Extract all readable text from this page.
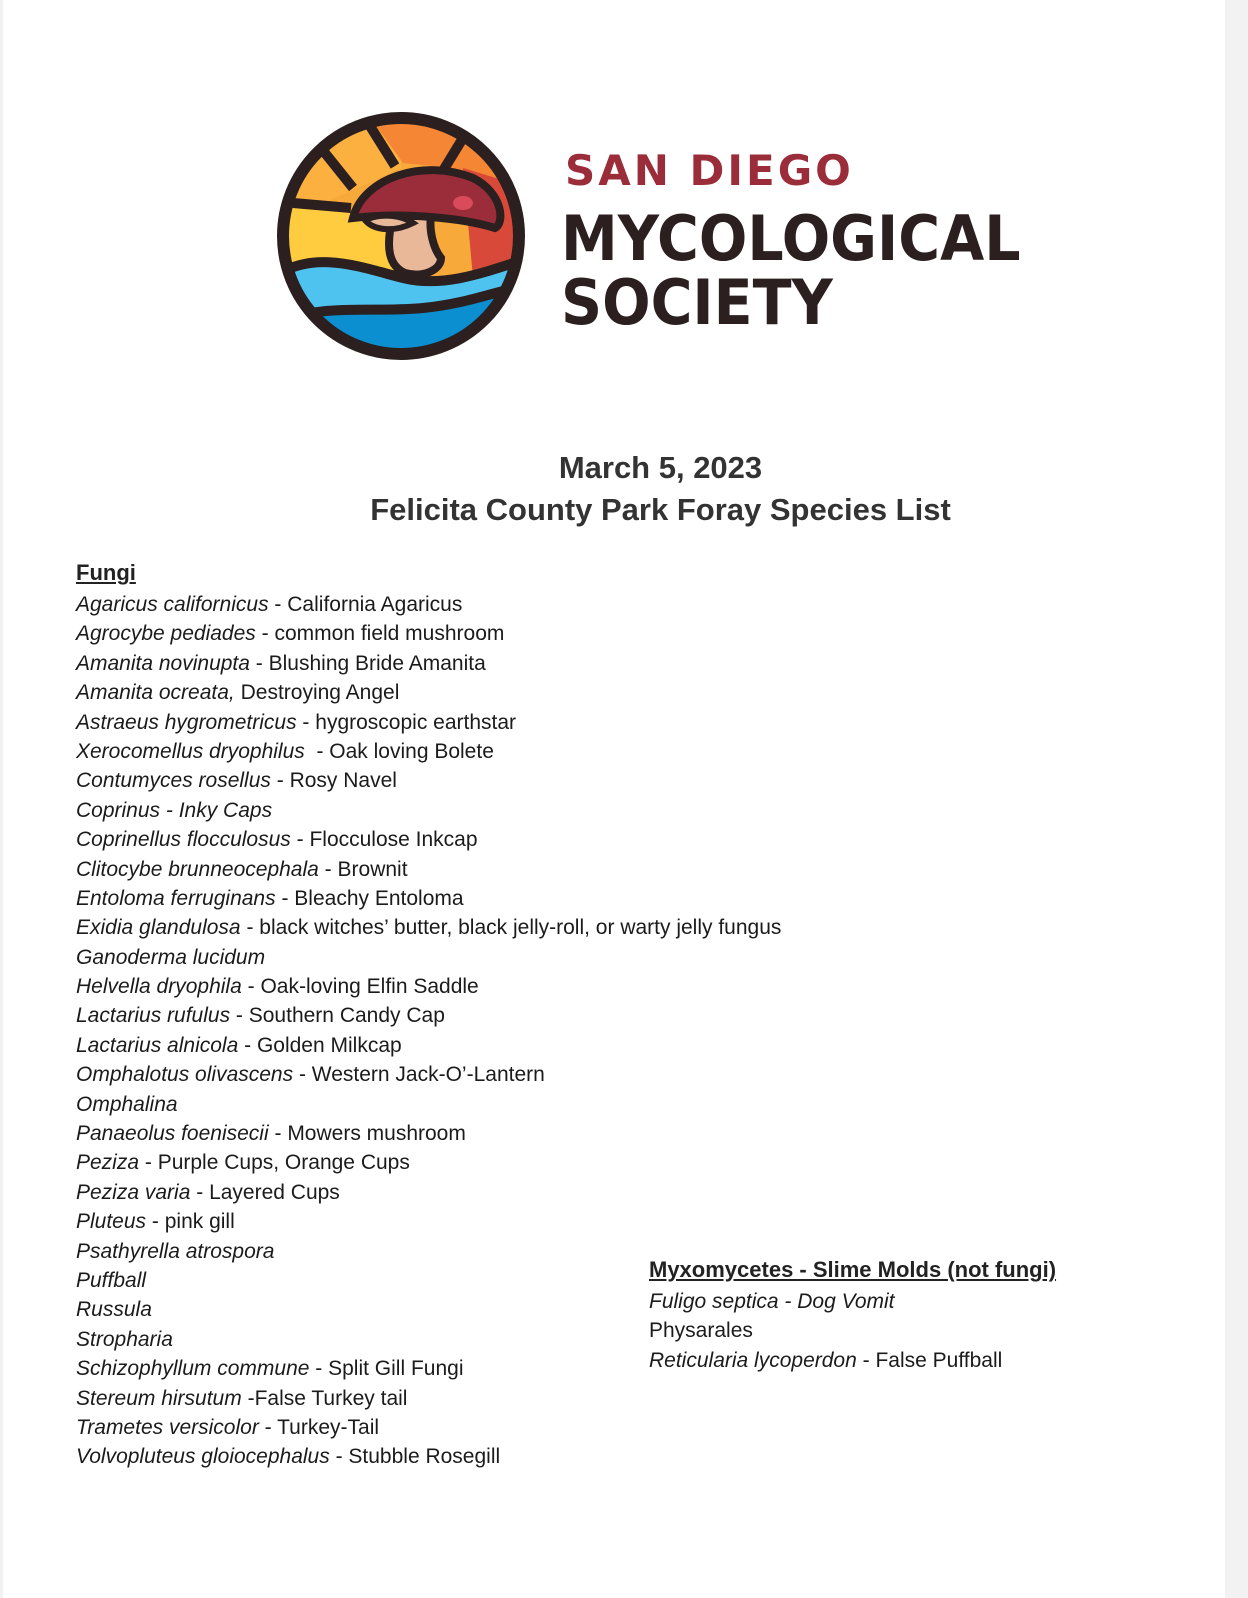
SAN DIEGO
MYCOLOGICAL
SOCIETY
March 5, 2023
Felicita County Park Foray Species List
Fungi
Agaricus californicus - California Agaricus
Agrocybe pediades - common field mushroom
Amanita novinupta - Blushing Bride Amanita
Amanita ocreata, Destroying Angel
Astraeus hygrometricus - hygroscopic earthstar
Xerocomellus dryophilus  - Oak loving Bolete
Contumyces rosellus - Rosy Navel
Coprinus - Inky Caps
Coprinellus flocculosus - Flocculose Inkcap
Clitocybe brunneocephala - Brownit
Entoloma ferruginans - Bleachy Entoloma
Exidia glandulosa - black witches’ butter, black jelly-roll, or warty jelly fungus
Ganoderma lucidum
Helvella dryophila - Oak-loving Elfin Saddle
Lactarius rufulus - Southern Candy Cap
Lactarius alnicola - Golden Milkcap
Omphalotus olivascens - Western Jack-O’-Lantern
Omphalina
Panaeolus foenisecii - Mowers mushroom
Peziza - Purple Cups, Orange Cups
Peziza varia - Layered Cups
Pluteus - pink gill
Psathyrella atrospora
Puffball
Russula
Stropharia
Schizophyllum commune - Split Gill Fungi
Stereum hirsutum -False Turkey tail
Trametes versicolor - Turkey-Tail
Volvopluteus gloiocephalus - Stubble Rosegill
Myxomycetes - Slime Molds (not fungi)
Fuligo septica - Dog Vomit
Physarales
Reticularia lycoperdon - False Puffball
